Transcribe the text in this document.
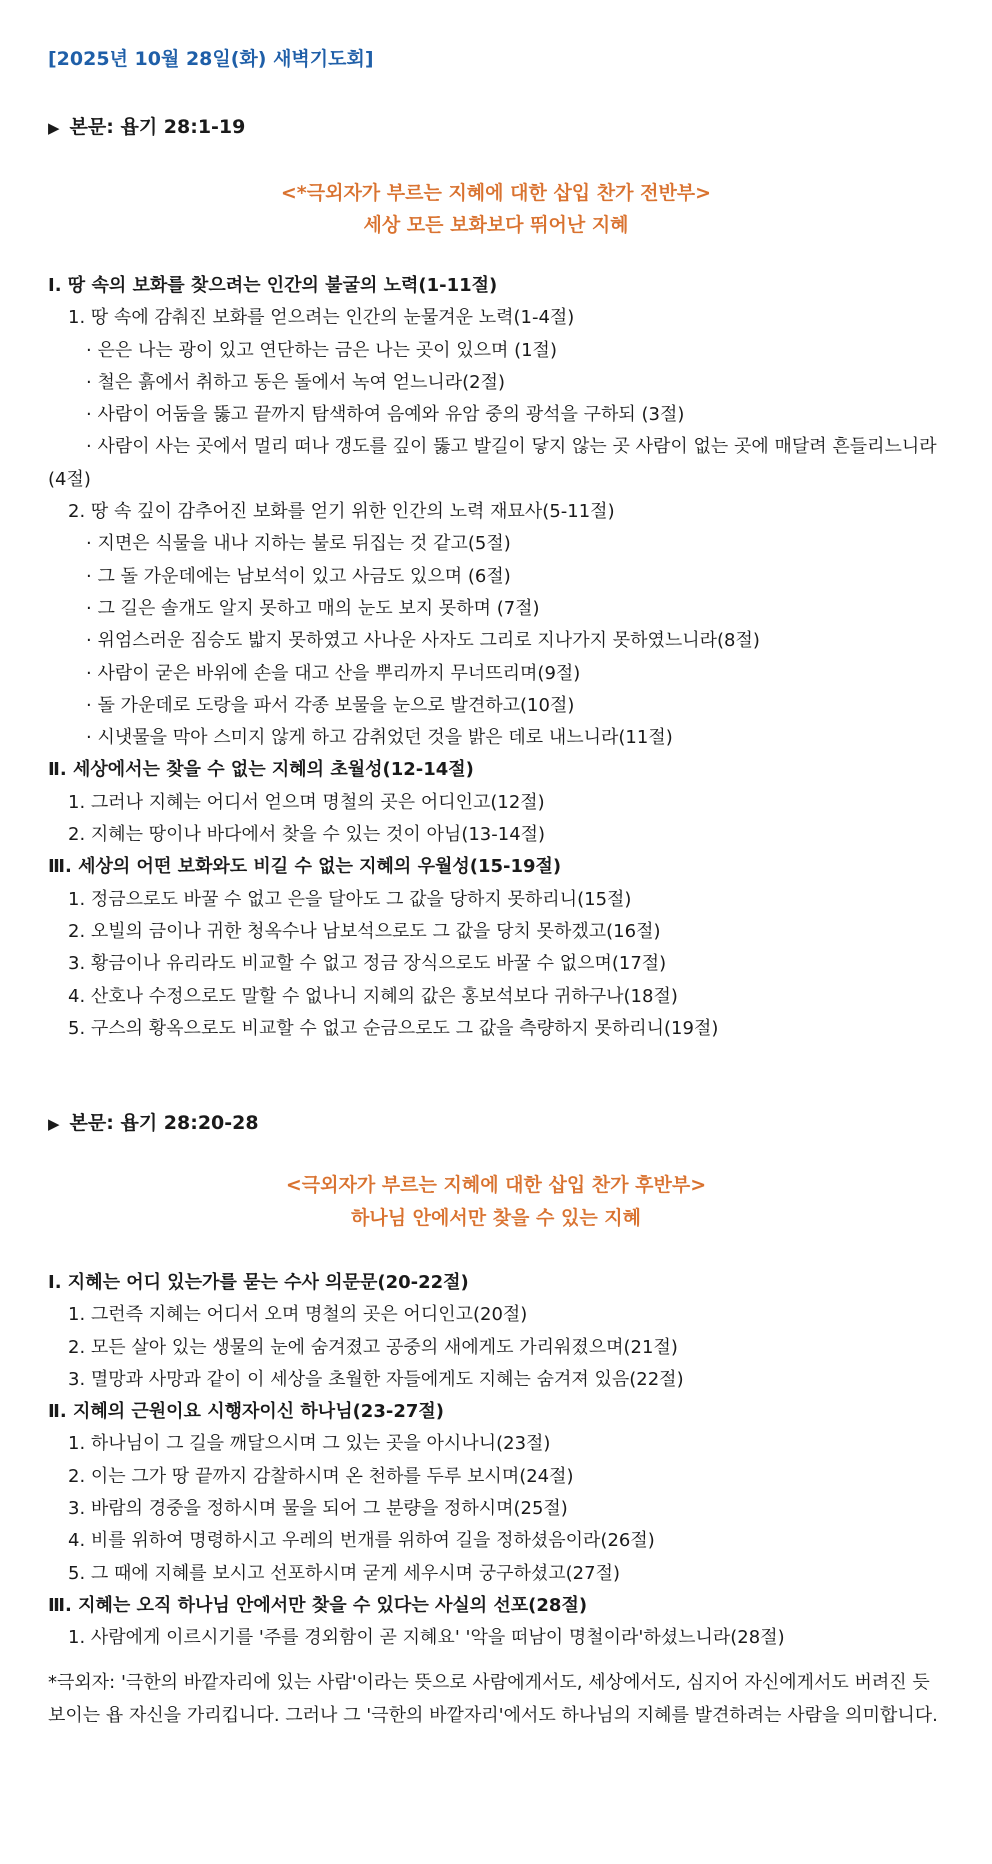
[2025년 10월 28일(화) 새벽기도회]
▶ 본문: 욥기 28:1-19
<*극외자가 부르는 지혜에 대한 삽입 찬가 전반부>
세상 모든 보화보다 뛰어난 지혜
Ⅰ. 땅 속의 보화를 찾으려는 인간의 불굴의 노력(1-11절)
1. 땅 속에 감춰진 보화를 얻으려는 인간의 눈물겨운 노력(1-4절)
· 은은 나는 광이 있고 연단하는 금은 나는 곳이 있으며 (1절)
· 철은 흙에서 취하고 동은 돌에서 녹여 얻느니라(2절)
· 사람이 어둠을 뚫고 끝까지 탐색하여 음예와 유암 중의 광석을 구하되 (3절)
· 사람이 사는 곳에서 멀리 떠나 갱도를 깊이 뚫고 발길이 닿지 않는 곳 사람이 없는 곳에 매달려 흔들리느니라(4절)
2. 땅 속 깊이 감추어진 보화를 얻기 위한 인간의 노력 재묘사(5-11절)
· 지면은 식물을 내나 지하는 불로 뒤집는 것 같고(5절)
· 그 돌 가운데에는 남보석이 있고 사금도 있으며 (6절)
· 그 길은 솔개도 알지 못하고 매의 눈도 보지 못하며 (7절)
· 위엄스러운 짐승도 밟지 못하였고 사나운 사자도 그리로 지나가지 못하였느니라(8절)
· 사람이 굳은 바위에 손을 대고 산을 뿌리까지 무너뜨리며(9절)
· 돌 가운데로 도랑을 파서 각종 보물을 눈으로 발견하고(10절)
· 시냇물을 막아 스미지 않게 하고 감취었던 것을 밝은 데로 내느니라(11절)
Ⅱ. 세상에서는 찾을 수 없는 지혜의 초월성(12-14절)
1. 그러나 지혜는 어디서 얻으며 명철의 곳은 어디인고(12절)
2. 지혜는 땅이나 바다에서 찾을 수 있는 것이 아님(13-14절)
Ⅲ. 세상의 어떤 보화와도 비길 수 없는 지혜의 우월성(15-19절)
1. 정금으로도 바꿀 수 없고 은을 달아도 그 값을 당하지 못하리니(15절)
2. 오빌의 금이나 귀한 청옥수나 남보석으로도 그 값을 당치 못하겠고(16절)
3. 황금이나 유리라도 비교할 수 없고 정금 장식으로도 바꿀 수 없으며(17절)
4. 산호나 수정으로도 말할 수 없나니 지혜의 값은 홍보석보다 귀하구나(18절)
5. 구스의 황옥으로도 비교할 수 없고 순금으로도 그 값을 측량하지 못하리니(19절)
▶ 본문: 욥기 28:20-28
<극외자가 부르는 지혜에 대한 삽입 찬가 후반부>
하나님 안에서만 찾을 수 있는 지혜
Ⅰ. 지혜는 어디 있는가를 묻는 수사 의문문(20-22절)
1. 그런즉 지혜는 어디서 오며 명철의 곳은 어디인고(20절)
2. 모든 살아 있는 생물의 눈에 숨겨졌고 공중의 새에게도 가리워졌으며(21절)
3. 멸망과 사망과 같이 이 세상을 초월한 자들에게도 지혜는 숨겨져 있음(22절)
Ⅱ. 지혜의 근원이요 시행자이신 하나님(23-27절)
1. 하나님이 그 길을 깨달으시며 그 있는 곳을 아시나니(23절)
2. 이는 그가 땅 끝까지 감찰하시며 온 천하를 두루 보시며(24절)
3. 바람의 경중을 정하시며 물을 되어 그 분량을 정하시며(25절)
4. 비를 위하여 명령하시고 우레의 번개를 위하여 길을 정하셨음이라(26절)
5. 그 때에 지혜를 보시고 선포하시며 굳게 세우시며 궁구하셨고(27절)
Ⅲ. 지혜는 오직 하나님 안에서만 찾을 수 있다는 사실의 선포(28절)
1. 사람에게 이르시기를 '주를 경외함이 곧 지혜요' '악을 떠남이 명철이라'하셨느니라(28절)
*극외자: '극한의 바깥자리에 있는 사람'이라는 뜻으로 사람에게서도, 세상에서도, 심지어 자신에게서도 버려진 듯 보이는 욥 자신을 가리킵니다. 그러나 그 '극한의 바깥자리'에서도 하나님의 지혜를 발견하려는 사람을 의미합니다.
